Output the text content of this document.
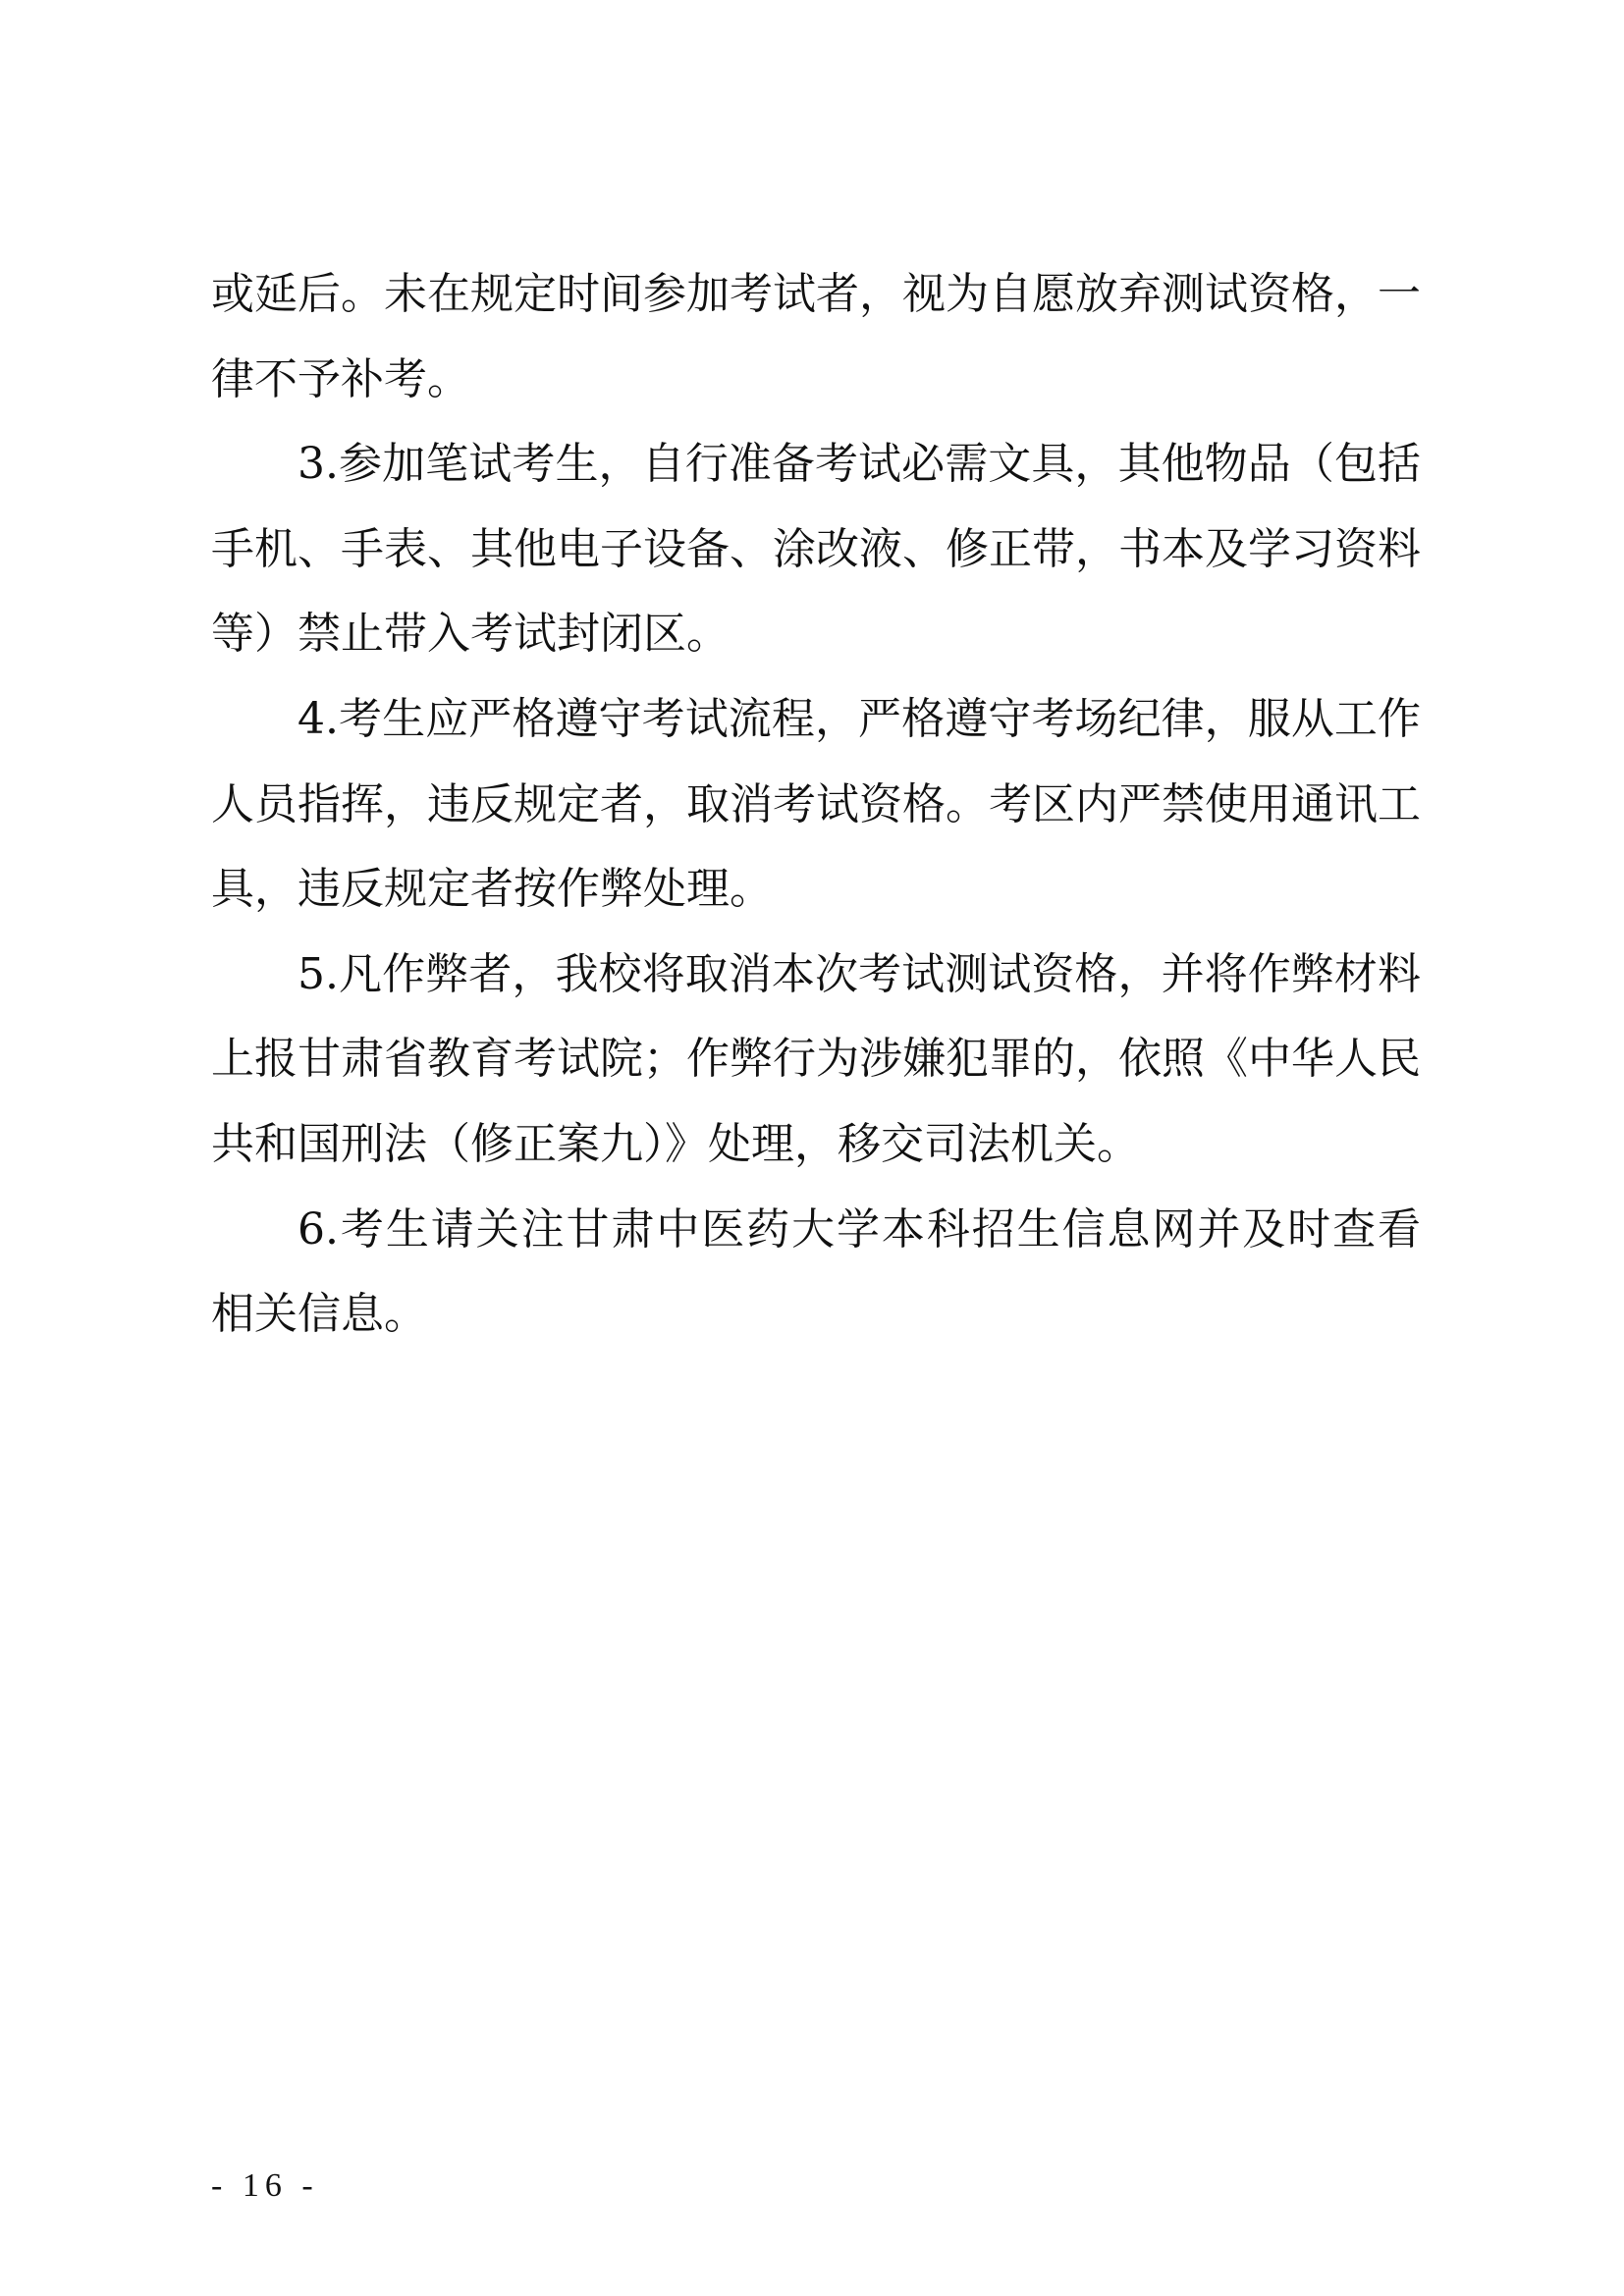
或延后。未在规定时间参加考试者，视为自愿放弃测试资格，一
律不予补考。
3.参加笔试考生，自行准备考试必需文具，其他物品（包括
手机、手表、其他电子设备、涂改液、修正带，书本及学习资料
等）禁止带入考试封闭区。
4.考生应严格遵守考试流程，严格遵守考场纪律，服从工作
人员指挥，违反规定者，取消考试资格。考区内严禁使用通讯工
具，违反规定者按作弊处理。
5.凡作弊者，我校将取消本次考试测试资格，并将作弊材料
上报甘肃省教育考试院；作弊行为涉嫌犯罪的，依照《中华人民
共和国刑法（修正案九）》处理，移交司法机关。
6.考生请关注甘肃中医药大学本科招生信息网并及时查看
相关信息。
- 16 -
